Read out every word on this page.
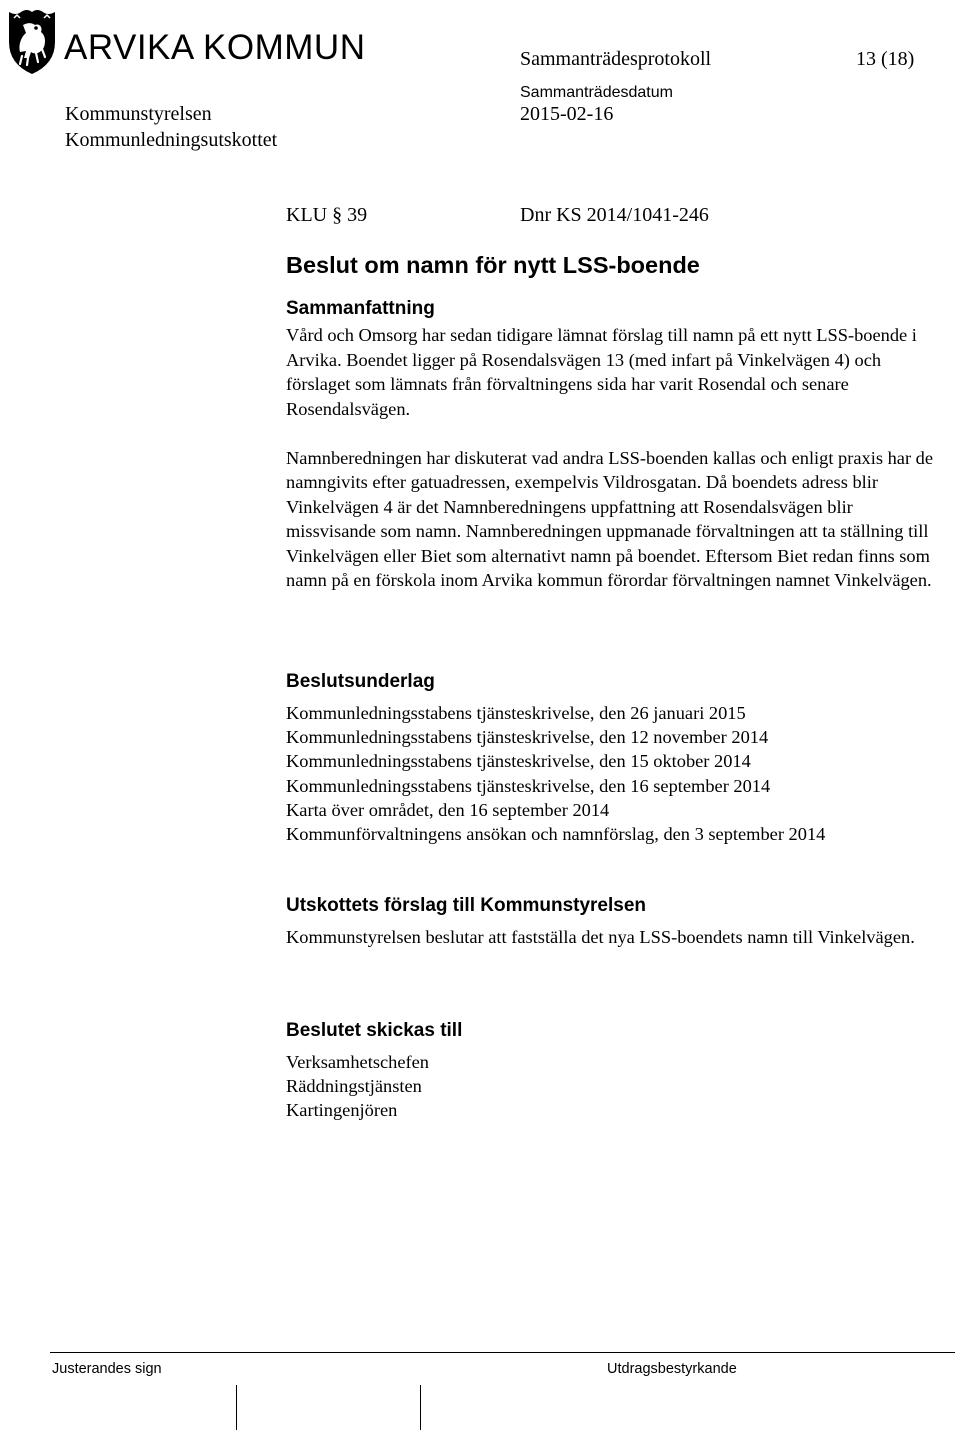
ARVIKA KOMMUN	Sammanträdesprotokoll	13 (18)
Sammanträdesdatum
Kommunstyrelsen	2015-02-16
Kommunledningsutskottet
KLU § 39	Dnr KS 2014/1041-246
Beslut om namn för nytt LSS-boende
Sammanfattning

Vård och Omsorg har sedan tidigare lämnat förslag till namn på ett nytt LSS-boende i Arvika. Boendet ligger på Rosendalsvägen 13 (med infart på Vinkelvägen 4) och förslaget som lämnats från förvaltningens sida har varit Rosendal och senare Rosendalsvägen.

Namnberedningen har diskuterat vad andra LSS-boenden kallas och enligt praxis har de namngivits efter gatuadressen, exempelvis Vildrosgatan. Då boendets adress blir Vinkelvägen 4 är det Namnberedningens uppfattning att Rosendalsvägen blir missvisande som namn. Namnberedningen uppmanade förvaltningen att ta ställning till Vinkelvägen eller Biet som alternativt namn på boendet. Eftersom Biet redan finns som namn på en förskola inom Arvika kommun förordar förvaltningen namnet Vinkelvägen.

Beslutsunderlag
Kommunledningsstabens tjänsteskrivelse, den 26 januari 2015
Kommunledningsstabens tjänsteskrivelse, den 12 november 2014
Kommunledningsstabens tjänsteskrivelse, den 15 oktober 2014
Kommunledningsstabens tjänsteskrivelse, den 16 september 2014
Karta över området, den 16 september 2014
Kommunförvaltningens ansökan och namnförslag, den 3 september 2014
Utskottets förslag till Kommunstyrelsen

Kommunstyrelsen beslutar att fastställa det nya LSS-boendets namn till Vinkelvägen.

Beslutet skickas till
Verksamhetschefen
Räddningstjänsten
Kartingenjören
Justerandes sign	Utdragsbestyrkande
